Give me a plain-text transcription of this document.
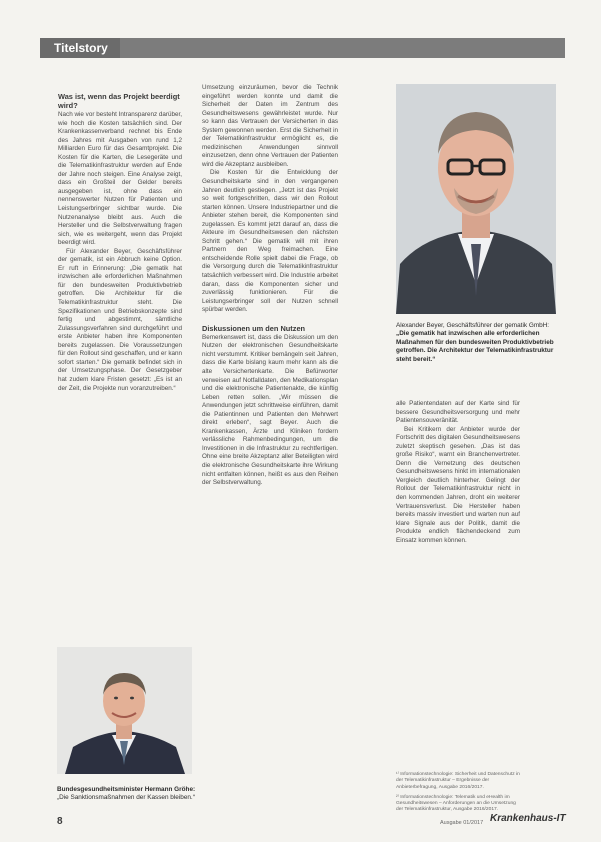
Titelstory
Was ist, wenn das Projekt beerdigt wird?

Nach wie vor besteht Intransparenz darüber, wie hoch die Kosten tatsächlich sind. Der Krankenkassenverband rechnet bis Ende des Jahres mit Ausgaben von rund 1,2 Milliarden Euro für das Gesamtprojekt. Die Kosten für die Karten, die Lesegeräte und die Telematikinfrastruktur werden auf Ende der Jahre noch steigen. Eine Analyse zeigt, dass ein Großteil der Gelder bereits ausgegeben ist, ohne dass ein nennenswerter Nutzen für Patienten und Leistungserbringer sichtbar wurde. Die Nutzenanalyse bleibt aus. Auch die Hersteller und die Selbstverwaltung fragen sich, wie es weitergeht, wenn das Projekt beerdigt wird.

Für Alexander Beyer, Geschäftsführer der gematik, ist ein Abbruch keine Option. Er ruft in Erinnerung: „Die gematik hat inzwischen alle erforderlichen Maßnahmen für den bundesweiten Produktivbetrieb getroffen. Die Architektur für die Telematikinfrastruktur steht. Die Spezifikationen und Betriebskonzepte sind fertig und abgestimmt, sämtliche Zulassungsverfahren sind durchgeführt und erste Anbieter haben ihre Komponenten bereits zugelassen. Die Voraussetzungen für den Rollout sind geschaffen, und er kann sofort starten.“ Die gematik befindet sich in der Umsetzungsphase. Der Gesetzgeber hat zudem klare Fristen gesetzt: „Es ist an der Zeit, die Projekte nun voranzutreiben.“

Bundesgesundheitsminister Hermann Gröhe:
„Die Sanktionsmaßnahmen der Kassen bleiben.“

Umsetzung einzuräumen, bevor die Technik eingeführt werden konnte und damit die Sicherheit der Daten im Zentrum des Gesundheitswesens gewährleistet wurde. Nur so kann das Vertrauen der Versicherten in das System gewonnen werden. Erst die Sicherheit in der Telematikinfrastruktur ermöglicht es, die medizinischen Anwendungen sinnvoll einzusetzen, denn ohne Vertrauen der Patienten wird die Akzeptanz ausbleiben.

Die Kosten für die Entwicklung der Gesundheitskarte sind in den vergangenen Jahren deutlich gestiegen. „Jetzt ist das Projekt so weit fortgeschritten, dass wir den Rollout starten können. Unsere Industriepartner und die Anbieter stehen bereit, die Komponenten sind zugelassen. Es kommt jetzt darauf an, dass die Akteure im Gesundheitswesen den nächsten Schritt gehen.“ Die gematik will mit ihren Partnern den Weg freimachen. Eine entscheidende Rolle spielt dabei die Frage, ob die Versorgung durch die Telematikinfrastruktur tatsächlich verbessert wird. Die Industrie arbeitet daran, dass die Komponenten sicher und zuverlässig funktionieren. Für die Leistungserbringer soll der Nutzen schnell spürbar werden.

Diskussionen um den Nutzen

Bemerkenswert ist, dass die Diskussion um den Nutzen der elektronischen Gesundheitskarte nicht verstummt. Kritiker bemängeln seit Jahren, dass die Karte bislang kaum mehr kann als die alte Versichertenkarte. Die Befürworter verweisen auf Notfalldaten, den Medikationsplan und die elektronische Patientenakte, die künftig Leben retten sollen. „Wir müssen die Anwendungen jetzt schrittweise einführen, damit die Patientinnen und Patienten den Mehrwert direkt erleben“, sagt Beyer. Auch die Krankenkassen, Ärzte und Kliniken fordern verlässliche Rahmenbedingungen, um die Investitionen in die Infrastruktur zu rechtfertigen. Ohne eine breite Akzeptanz aller Beteiligten wird die elektronische Gesundheitskarte ihre Wirkung nicht entfalten können, heißt es aus den Reihen der Selbstverwaltung.

Alexander Beyer, Geschäftsführer der gematik GmbH:
„Die gematik hat inzwischen alle erforderlichen Maßnahmen für den bundesweiten Produktivbetrieb getroffen. Die Architektur der Telematikinfrastruktur steht bereit.“

alle Patientendaten auf der Karte sind für bessere Gesundheitsversorgung und mehr Patientensouveränität.

Bei Kritikern der Anbieter wurde der Fortschritt des digitalen Gesundheitswesens zuletzt skeptisch gesehen. „Das ist das große Risiko“, warnt ein Branchenvertreter. Denn die Vernetzung des deutschen Gesundheitswesens hinkt im internationalen Vergleich deutlich hinterher. Gelingt der Rollout der Telematikinfrastruktur nicht in den kommenden Jahren, droht ein weiterer Vertrauensverlust. Die Hersteller haben bereits massiv investiert und warten nun auf klare Signale aus der Politik, damit die Produkte endlich flächendeckend zum Einsatz kommen können.

¹⁾ Informationstechnologie: Sicherheit und Datenschutz in der Telematikinfrastruktur – Ergebnisse der Anbieterbefragung, Ausgabe 2016/2017.

²⁾ Informationstechnologie: Telematik und eHealth im Gesundheitswesen – Anforderungen an die Umsetzung der Telematikinfrastruktur, Ausgabe 2016/2017.

8	Ausgabe 01/2017 Krankenhaus-IT
